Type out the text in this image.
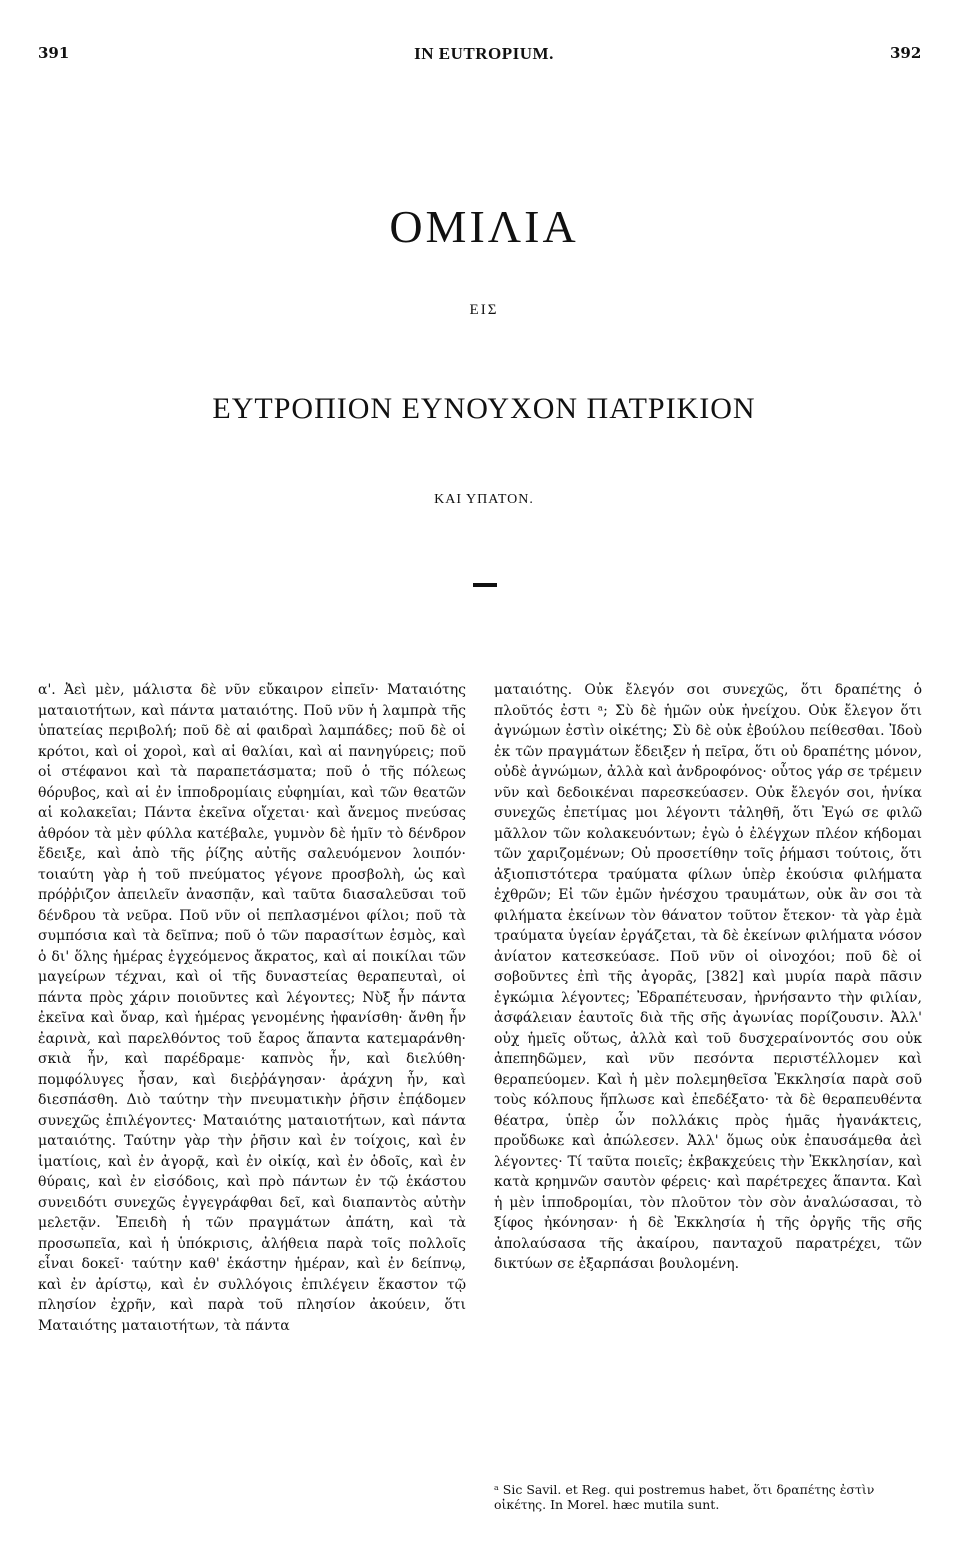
391	IN EUTROPIUM.	392
ΟΜΙΛΙΑ
ΕΙΣ
ΕΥΤΡΟΠΙΟΝ ΕΥΝΟΥΧΟΝ ΠΑΤΡΙΚΙΟΝ
ΚΑΙ ΥΠΑΤΟΝ.

α'. Ἀεὶ μὲν, μάλιστα δὲ νῦν εὔκαιρον εἰπεῖν· Ματαιότης ματαιοτήτων, καὶ πάντα ματαιότης. Ποῦ νῦν ἡ λαμπρὰ τῆς ὑπατείας περιβολή; ποῦ δὲ αἱ φαιδραὶ λαμπάδες; ποῦ δὲ οἱ κρότοι, καὶ οἱ χοροὶ, καὶ αἱ θαλίαι, καὶ αἱ πανηγύρεις; ποῦ οἱ στέφανοι καὶ τὰ παραπετάσματα; ποῦ ὁ τῆς πόλεως θόρυβος, καὶ αἱ ἐν ἱπποδρομίαις εὐφημίαι, καὶ τῶν θεατῶν αἱ κολακεῖαι; Πάντα ἐκεῖνα οἴχεται· καὶ ἄνεμος πνεύσας ἀθρόον τὰ μὲν φύλλα κατέβαλε, γυμνὸν δὲ ἡμῖν τὸ δένδρον ἔδειξε, καὶ ἀπὸ τῆς ῥίζης αὐτῆς σαλευόμενον λοιπόν· τοιαύτη γὰρ ἡ τοῦ πνεύματος γέγονε προσβολὴ, ὡς καὶ πρόῤῥιζον ἀπειλεῖν ἀνασπᾷν, καὶ ταῦτα διασαλεῦσαι τοῦ δένδρου τὰ νεῦρα. Ποῦ νῦν οἱ πεπλασμένοι φίλοι; ποῦ τὰ συμπόσια καὶ τὰ δεῖπνα; ποῦ ὁ τῶν παρασίτων ἑσμὸς, καὶ ὁ δι' ὅλης ἡμέρας ἐγχεόμενος ἄκρατος, καὶ αἱ ποικίλαι τῶν μαγείρων τέχναι, καὶ οἱ τῆς δυναστείας θεραπευταὶ, οἱ πάντα πρὸς χάριν ποιοῦντες καὶ λέγοντες; Νὺξ ἦν πάντα ἐκεῖνα καὶ ὄναρ, καὶ ἡμέρας γενομένης ἠφανίσθη· ἄνθη ἦν ἐαρινὰ, καὶ παρελθόντος τοῦ ἔαρος ἅπαντα κατεμαράνθη· σκιὰ ἦν, καὶ παρέδραμε· καπνὸς ἦν, καὶ διελύθη· πομφόλυγες ἦσαν, καὶ διεῤῥάγησαν· ἀράχνη ἦν, καὶ διεσπάσθη. Διὸ ταύτην τὴν πνευματικὴν ῥῆσιν ἐπᾴδομεν συνεχῶς ἐπιλέγοντες· Ματαιότης ματαιοτήτων, καὶ πάντα ματαιότης. Ταύτην γὰρ τὴν ῥῆσιν καὶ ἐν τοίχοις, καὶ ἐν ἱματίοις, καὶ ἐν ἀγορᾷ, καὶ ἐν οἰκίᾳ, καὶ ἐν ὁδοῖς, καὶ ἐν θύραις, καὶ ἐν εἰσόδοις, καὶ πρὸ πάντων ἐν τῷ ἑκάστου συνειδότι συνεχῶς ἐγγεγράφθαι δεῖ, καὶ διαπαντὸς αὐτὴν μελετᾷν. Ἐπειδὴ ἡ τῶν πραγμάτων ἀπάτη, καὶ τὰ προσωπεῖα, καὶ ἡ ὑπόκρισις, ἀλήθεια παρὰ τοῖς πολλοῖς εἶναι δοκεῖ· ταύτην καθ' ἑκάστην ἡμέραν, καὶ ἐν δείπνῳ, καὶ ἐν ἀρίστῳ, καὶ ἐν συλλόγοις ἐπιλέγειν ἕκαστον τῷ πλησίον ἐχρῆν, καὶ παρὰ τοῦ πλησίον ἀκούειν, ὅτι Ματαιότης ματαιοτήτων, τὰ πάντα

ματαιότης. Οὐκ ἔλεγόν σοι συνεχῶς, ὅτι δραπέτης ὁ πλοῦτός ἐστι ᵃ; Σὺ δὲ ἡμῶν οὐκ ἠνείχου. Οὐκ ἔλεγον ὅτι ἀγνώμων ἐστὶν οἰκέτης; Σὺ δὲ οὐκ ἐβούλου πείθεσθαι. Ἰδοὺ ἐκ τῶν πραγμάτων ἔδειξεν ἡ πεῖρα, ὅτι οὐ δραπέτης μόνον, οὐδὲ ἀγνώμων, ἀλλὰ καὶ ἀνδροφόνος· οὗτος γάρ σε τρέμειν νῦν καὶ δεδοικέναι παρεσκεύασεν. Οὐκ ἔλεγόν σοι, ἡνίκα συνεχῶς ἐπετίμας μοι λέγοντι τἀληθῆ, ὅτι Ἐγώ σε φιλῶ μᾶλλον τῶν κολακευόντων; ἐγὼ ὁ ἐλέγχων πλέον κήδομαι τῶν χαριζομένων; Οὐ προσετίθην τοῖς ῥήμασι τούτοις, ὅτι ἀξιοπιστότερα τραύματα φίλων ὑπὲρ ἑκούσια φιλήματα ἐχθρῶν; Εἰ τῶν ἐμῶν ἠνέσχου τραυμάτων, οὐκ ἂν σοι τὰ φιλήματα ἐκείνων τὸν θάνατον τοῦτον ἔτεκον· τὰ γὰρ ἐμὰ τραύματα ὑγείαν ἐργάζεται, τὰ δὲ ἐκείνων φιλήματα νόσον ἀνίατον κατεσκεύασε. Ποῦ νῦν οἱ οἰνοχόοι; ποῦ δὲ οἱ σοβοῦντες ἐπὶ τῆς ἀγορᾶς, [382] καὶ μυρία παρὰ πᾶσιν ἐγκώμια λέγοντες; Ἐδραπέτευσαν, ἠρνήσαντο τὴν φιλίαν, ἀσφάλειαν ἑαυτοῖς διὰ τῆς σῆς ἀγωνίας πορίζουσιν. Ἀλλ' οὐχ ἡμεῖς οὕτως, ἀλλὰ καὶ τοῦ δυσχεραίνοντός σου οὐκ ἀπεπηδῶμεν, καὶ νῦν πεσόντα περιστέλλομεν καὶ θεραπεύομεν. Καὶ ἡ μὲν πολεμηθεῖσα Ἐκκλησία παρὰ σοῦ τοὺς κόλπους ἥπλωσε καὶ ἐπεδέξατο· τὰ δὲ θεραπευθέντα θέατρα, ὑπὲρ ὧν πολλάκις πρὸς ἡμᾶς ἠγανάκτεις, προὔδωκε καὶ ἀπώλεσεν. Ἀλλ' ὅμως οὐκ ἐπαυσάμεθα ἀεὶ λέγοντες· Τί ταῦτα ποιεῖς; ἐκβακχεύεις τὴν Ἐκκλησίαν, καὶ κατὰ κρημνῶν σαυτὸν φέρεις· καὶ παρέτρεχες ἅπαντα. Καὶ ἡ μὲν ἱπποδρομίαι, τὸν πλοῦτον τὸν σὸν ἀναλώσασαι, τὸ ξίφος ἠκόνησαν· ἡ δὲ Ἐκκλησία ἡ τῆς ὀργῆς τῆς σῆς ἀπολαύσασα τῆς ἀκαίρου, πανταχοῦ παρατρέχει, τῶν δικτύων σε ἐξαρπάσαι βουλομένη.

ᵃ Sic Savil. et Reg. qui postremus habet, ὅτι δραπέτης ἐστὶν οἰκέτης. In Morel. hæc mutila sunt.
